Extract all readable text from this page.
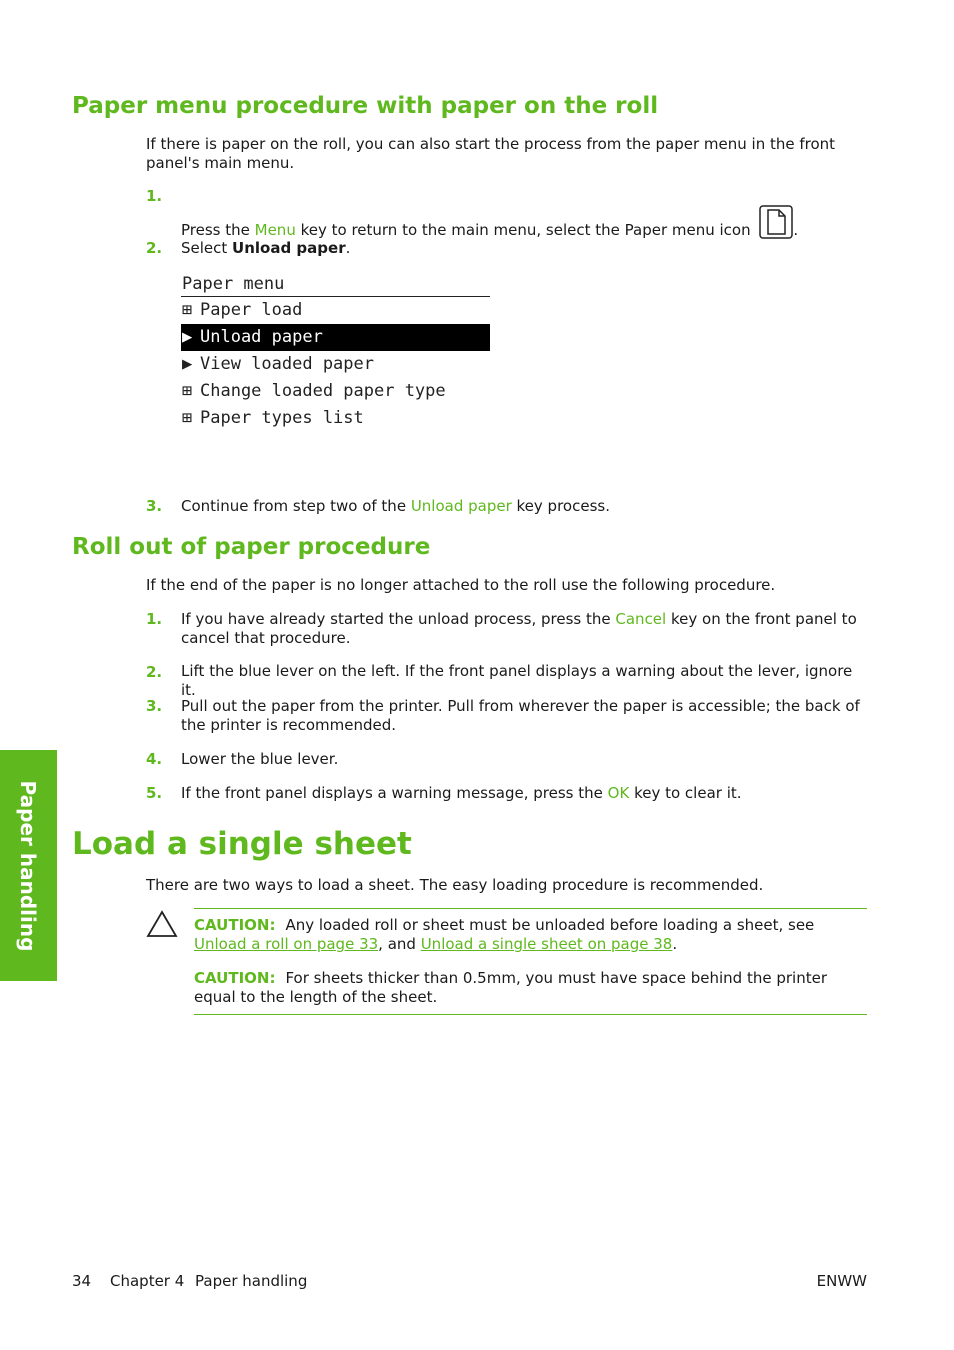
Paper menu procedure with paper on the roll

If there is paper on the roll, you can also start the process from the paper menu in the front panel's main menu.

1.
Press the Menu key to return to the main menu, select the Paper menu icon	.
2. Select Unload paper.
Paper menu
⊞ Paper load
▶ Unload paper
▶ View loaded paper
⊞ Change loaded paper type
⊞ Paper types list
3. Continue from step two of the Unload paper key process.
Roll out of paper procedure

If the end of the paper is no longer attached to the roll use the following procedure.

1. If you have already started the unload process, press the Cancel key on the front panel to cancel that procedure.
2. Lift the blue lever on the left. If the front panel displays a warning about the lever, ignore it.
3. Pull out the paper from the printer. Pull from wherever the paper is accessible; the back of the printer is recommended.
4. Lower the blue lever.
5. If the front panel displays a warning message, press the OK key to clear it.
Load a single sheet

There are two ways to load a sheet. The easy loading procedure is recommended.

CAUTION: Any loaded roll or sheet must be unloaded before loading a sheet, see Unload a roll on page 33, and Unload a single sheet on page 38.

CAUTION: For sheets thicker than 0.5mm, you must have space behind the printer equal to the length of the sheet.

Paper handling
34 Chapter 4 Paper handling	ENWW
